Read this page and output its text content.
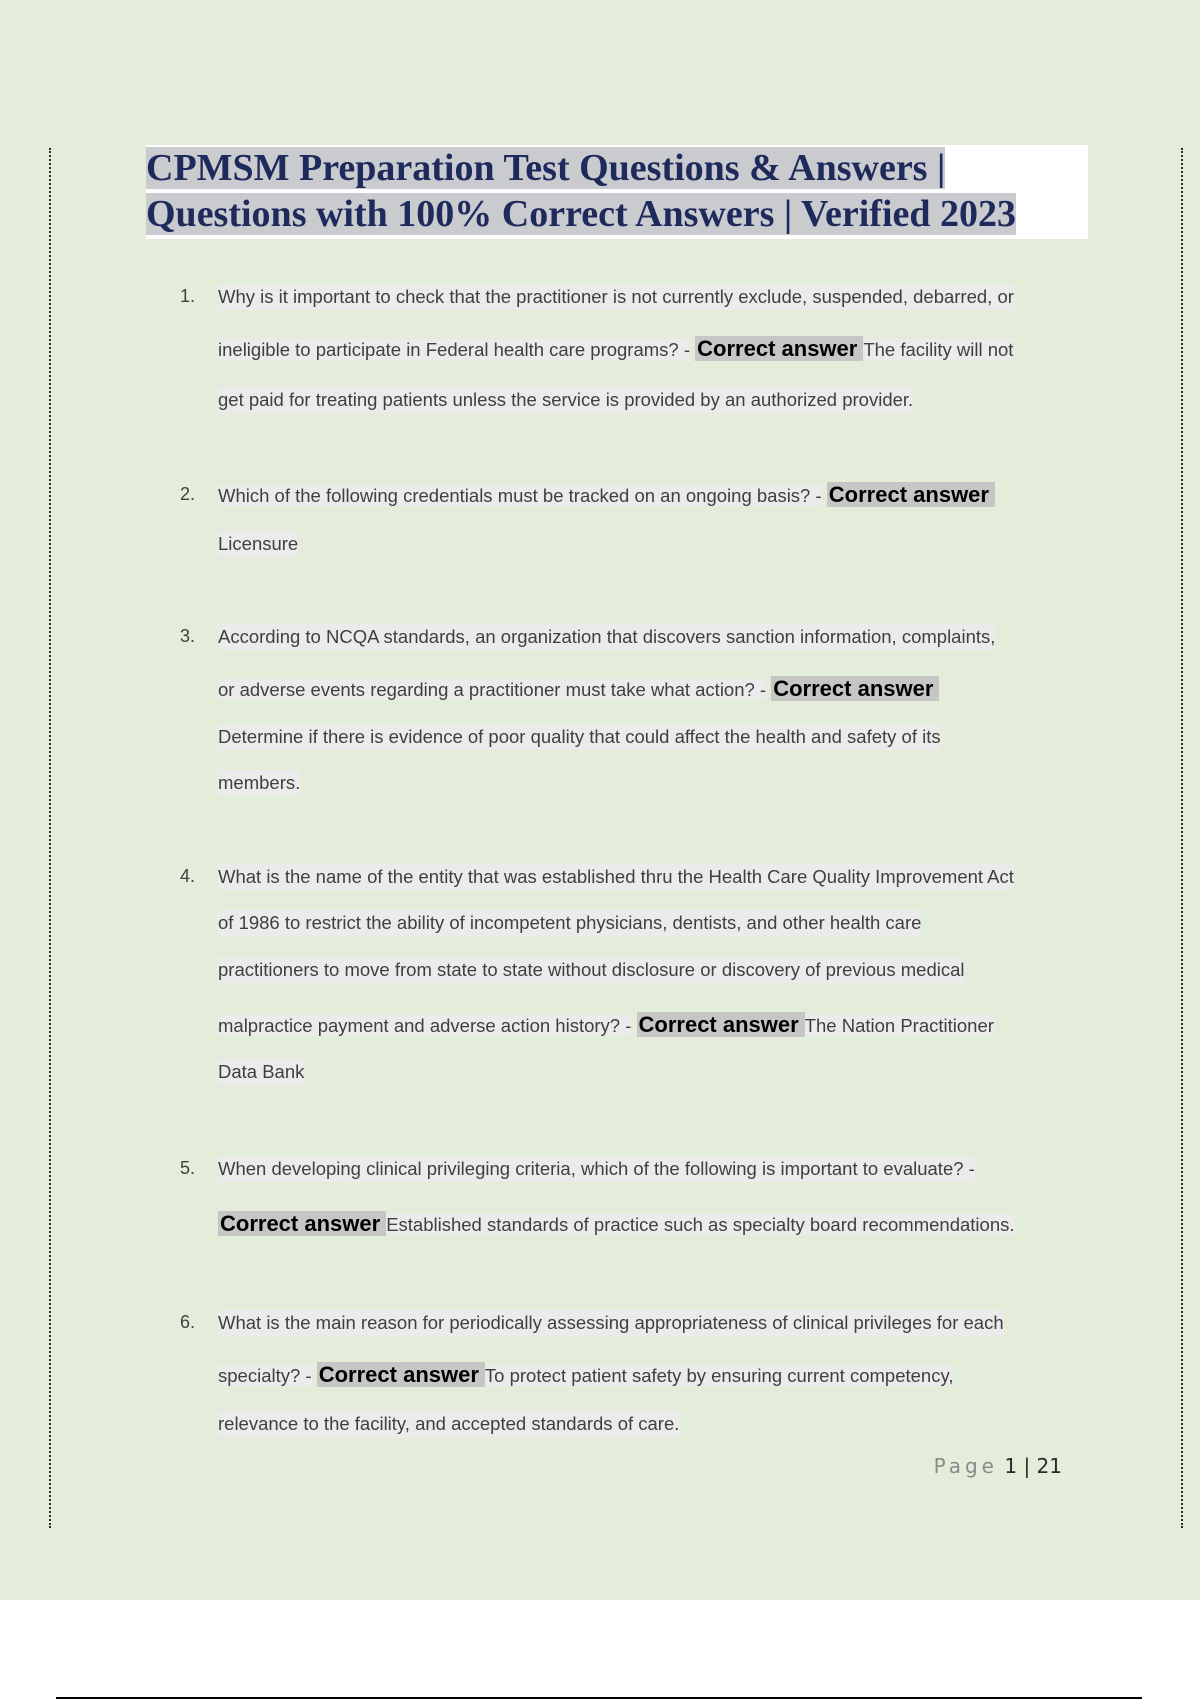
CPMSM Preparation Test Questions & Answers |
Questions with 100% Correct Answers | Verified 2023
1. Why is it important to check that the practitioner is not currently exclude, suspended, debarred, or
ineligible to participate in Federal health care programs? - Correct answer The facility will not
get paid for treating patients unless the service is provided by an authorized provider.
2. Which of the following credentials must be tracked on an ongoing basis? - Correct answer
Licensure
3. According to NCQA standards, an organization that discovers sanction information, complaints,
or adverse events regarding a practitioner must take what action? - Correct answer
Determine if there is evidence of poor quality that could affect the health and safety of its
members.
4. What is the name of the entity that was established thru the Health Care Quality Improvement Act
of 1986 to restrict the ability of incompetent physicians, dentists, and other health care
practitioners to move from state to state without disclosure or discovery of previous medical
malpractice payment and adverse action history? - Correct answer The Nation Practitioner
Data Bank
5. When developing clinical privileging criteria, which of the following is important to evaluate? -
Correct answer Established standards of practice such as specialty board recommendations.
6. What is the main reason for periodically assessing appropriateness of clinical privileges for each
specialty? - Correct answer To protect patient safety by ensuring current competency,
relevance to the facility, and accepted standards of care.
Page 1 | 21
